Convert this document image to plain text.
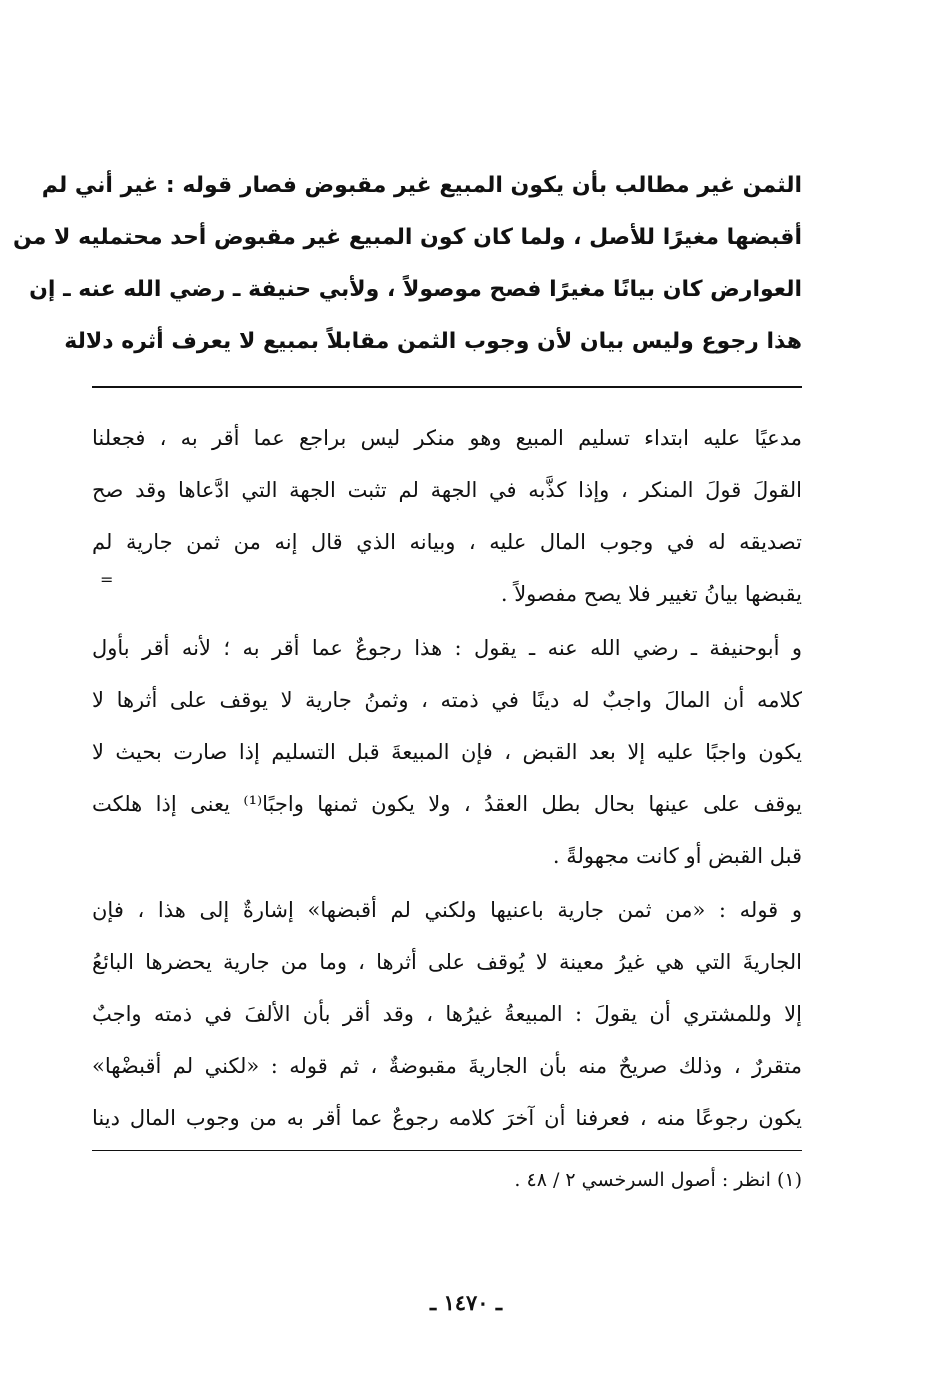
الثمن غير مطالب بأن يكون المبيع غير مقبوض فصار قوله : غير أني لم
أقبضها مغيرًا للأصل ، ولما كان كون المبيع غير مقبوض أحد محتمليه لا من
العوارض كان بيانًا مغيرًا فصح موصولاً ، ولأبي حنيفة ـ رضي الله عنه ـ إن
هذا رجوع وليس بيان لأن وجوب الثمن مقابلاً بمبيع لا يعرف أثره دلالة
مدعيًا عليه ابتداء تسليم المبيع وهو منكر ليس براجع عما أقر به ، فجعلنا
القولَ قولَ المنكر ، وإذا كذَّبه في الجهة لم تثبت الجهة التي ادَّعاها وقد صح
تصديقه له في وجوب المال عليه ، وبيانه الذي قال إنه من ثمن جارية لم
يقبضها بيانُ تغيير فلا يصح مفصولاً .
=
و أبوحنيفة ـ رضي الله عنه ـ يقول : هذا رجوعٌ عما أقر به ؛ لأنه أقر بأول
كلامه أن المالَ واجبٌ له دينًا في ذمته ، وثمنُ جارية لا يوقف على أثرها لا
يكون واجبًا عليه إلا بعد القبض ، فإن المبيعةَ قبل التسليم إذا صارت بحيث لا
يوقف على عينها بحال بطل العقدُ ، ولا يكون ثمنها واجبًا⁽¹⁾ يعنى إذا هلكت
قبل القبض أو كانت مجهولةً .
و قوله : «من ثمن جارية باعنيها ولكني لم أقبضها» إشارةٌ إلى هذا ، فإن
الجاريةَ التي هي غيرُ معينة لا يُوقف على أثرها ، وما من جارية يحضرها البائعُ
إلا وللمشتري أن يقولَ : المبيعةُ غيرُها ، وقد أقر بأن الألفَ في ذمته واجبٌ
متقررٌ ، وذلك صريحٌ منه بأن الجاريةَ مقبوضةٌ ، ثم قوله : «لكني لم أقبضْها»
يكون رجوعًا منه ، فعرفنا أن آخرَ كلامه رجوعٌ عما أقر به من وجوب المال دينا
(١) انظر : أصول السرخسي ٢ / ٤٨ .
ـ ١٤٧٠ ـ
